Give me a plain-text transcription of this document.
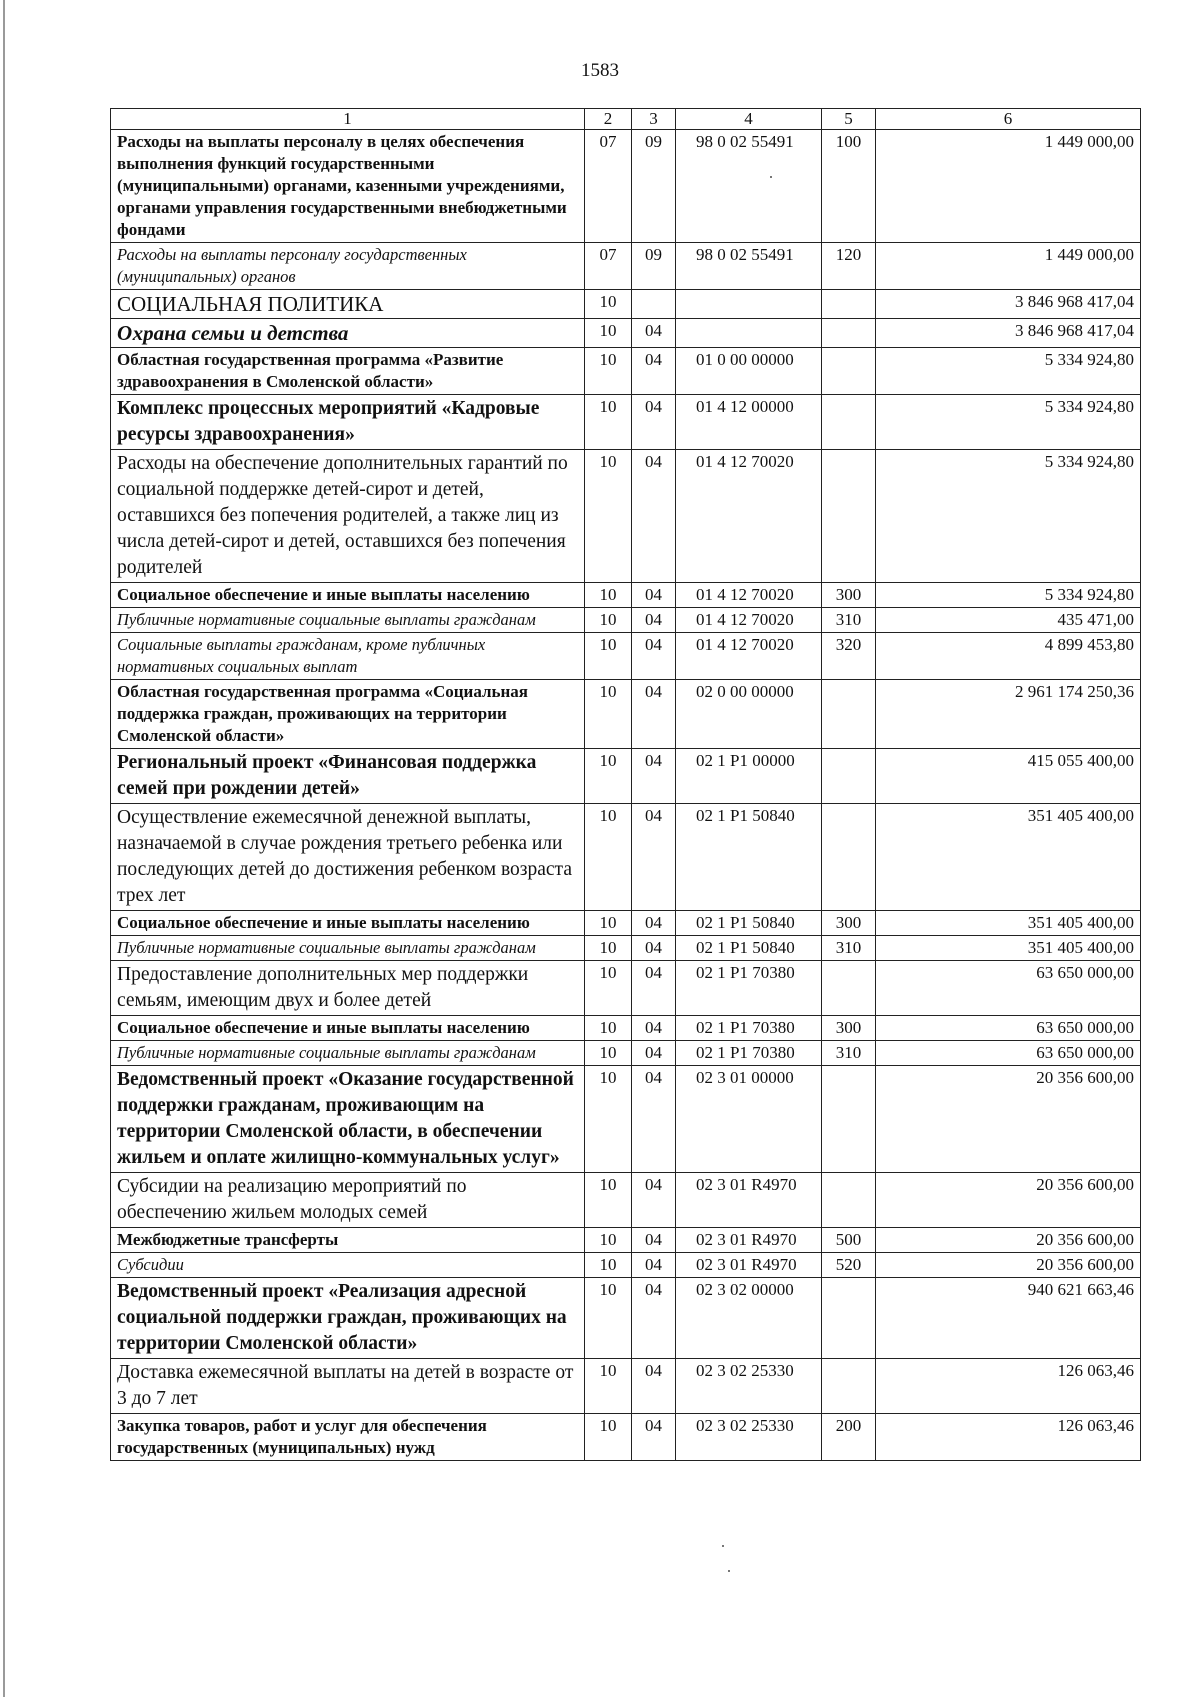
1583
1	2	3	4	5	6
Расходы на выплаты персоналу в целях обеспечения выполнения функций государственными (муниципальными) органами, казенными учреждениями, органами управления государственными внебюджетными фондами	07	09	98 0 02 55491	100	1 449 000,00
Расходы на выплаты персоналу государственных (муниципальных) органов	07	09	98 0 02 55491	120	1 449 000,00
СОЦИАЛЬНАЯ ПОЛИТИКА	10				3 846 968 417,04
Охрана семьи и детства	10	04			3 846 968 417,04
Областная государственная программа «Развитие здравоохранения в Смоленской области»	10	04	01 0 00 00000		5 334 924,80
Комплекс процессных мероприятий «Кадровые ресурсы здравоохранения»	10	04	01 4 12 00000		5 334 924,80
Расходы на обеспечение дополнительных гарантий по социальной поддержке детей-сирот и детей, оставшихся без попечения родителей, а также лиц из числа детей-сирот и детей, оставшихся без попечения родителей	10	04	01 4 12 70020		5 334 924,80
Социальное обеспечение и иные выплаты населению	10	04	01 4 12 70020	300	5 334 924,80
Публичные нормативные социальные выплаты гражданам	10	04	01 4 12 70020	310	435 471,00
Социальные выплаты гражданам, кроме публичных нормативных социальных выплат	10	04	01 4 12 70020	320	4 899 453,80
Областная государственная программа «Социальная поддержка граждан, проживающих на территории Смоленской области»	10	04	02 0 00 00000		2 961 174 250,36
Региональный проект «Финансовая поддержка семей при рождении детей»	10	04	02 1 P1 00000		415 055 400,00
Осуществление ежемесячной денежной выплаты, назначаемой в случае рождения третьего ребенка или последующих детей до достижения ребенком возраста трех лет	10	04	02 1 P1 50840		351 405 400,00
Социальное обеспечение и иные выплаты населению	10	04	02 1 P1 50840	300	351 405 400,00
Публичные нормативные социальные выплаты гражданам	10	04	02 1 P1 50840	310	351 405 400,00
Предоставление дополнительных мер поддержки семьям, имеющим двух и более детей	10	04	02 1 P1 70380		63 650 000,00
Социальное обеспечение и иные выплаты населению	10	04	02 1 P1 70380	300	63 650 000,00
Публичные нормативные социальные выплаты гражданам	10	04	02 1 P1 70380	310	63 650 000,00
Ведомственный проект «Оказание государственной поддержки гражданам, проживающим на территории Смоленской области, в обеспечении жильем и оплате жилищно-коммунальных услуг»	10	04	02 3 01 00000		20 356 600,00
Субсидии на реализацию мероприятий по обеспечению жильем молодых семей	10	04	02 3 01 R4970		20 356 600,00
Межбюджетные трансферты	10	04	02 3 01 R4970	500	20 356 600,00
Субсидии	10	04	02 3 01 R4970	520	20 356 600,00
Ведомственный проект «Реализация адресной социальной поддержки граждан, проживающих на территории Смоленской области»	10	04	02 3 02 00000		940 621 663,46
Доставка ежемесячной выплаты на детей в возрасте от 3 до 7 лет	10	04	02 3 02 25330		126 063,46
Закупка товаров, работ и услуг для обеспечения государственных (муниципальных) нужд	10	04	02 3 02 25330	200	126 063,46
